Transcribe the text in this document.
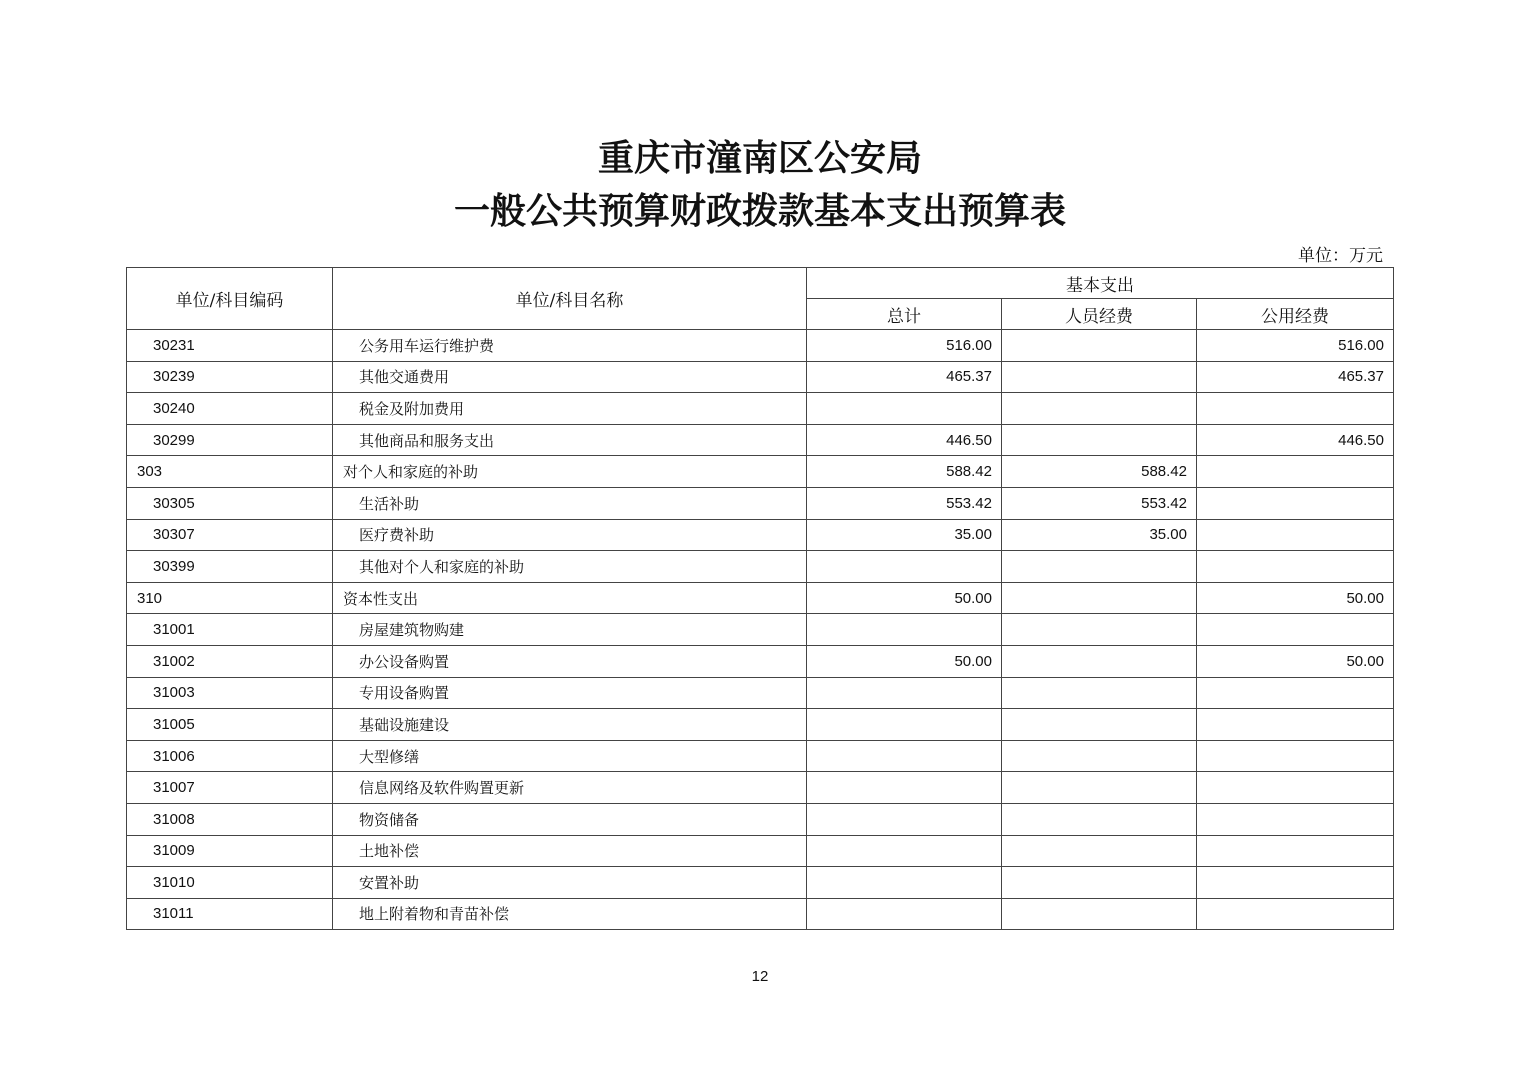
重庆市潼南区公安局
一般公共预算财政拨款基本支出预算表
单位：万元
单位/科目编码	单位/科目名称	基本支出		
		总计	人员经费	公用经费
30231	公务用车运行维护费	516.00		516.00
30239	其他交通费用	465.37		465.37
30240	税金及附加费用			
30299	其他商品和服务支出	446.50		446.50
303	对个人和家庭的补助	588.42	588.42	
30305	生活补助	553.42	553.42	
30307	医疗费补助	35.00	35.00	
30399	其他对个人和家庭的补助			
310	资本性支出	50.00		50.00
31001	房屋建筑物购建			
31002	办公设备购置	50.00		50.00
31003	专用设备购置			
31005	基础设施建设			
31006	大型修缮			
31007	信息网络及软件购置更新			
31008	物资储备			
31009	土地补偿			
31010	安置补助			
31011	地上附着物和青苗补偿			
12
